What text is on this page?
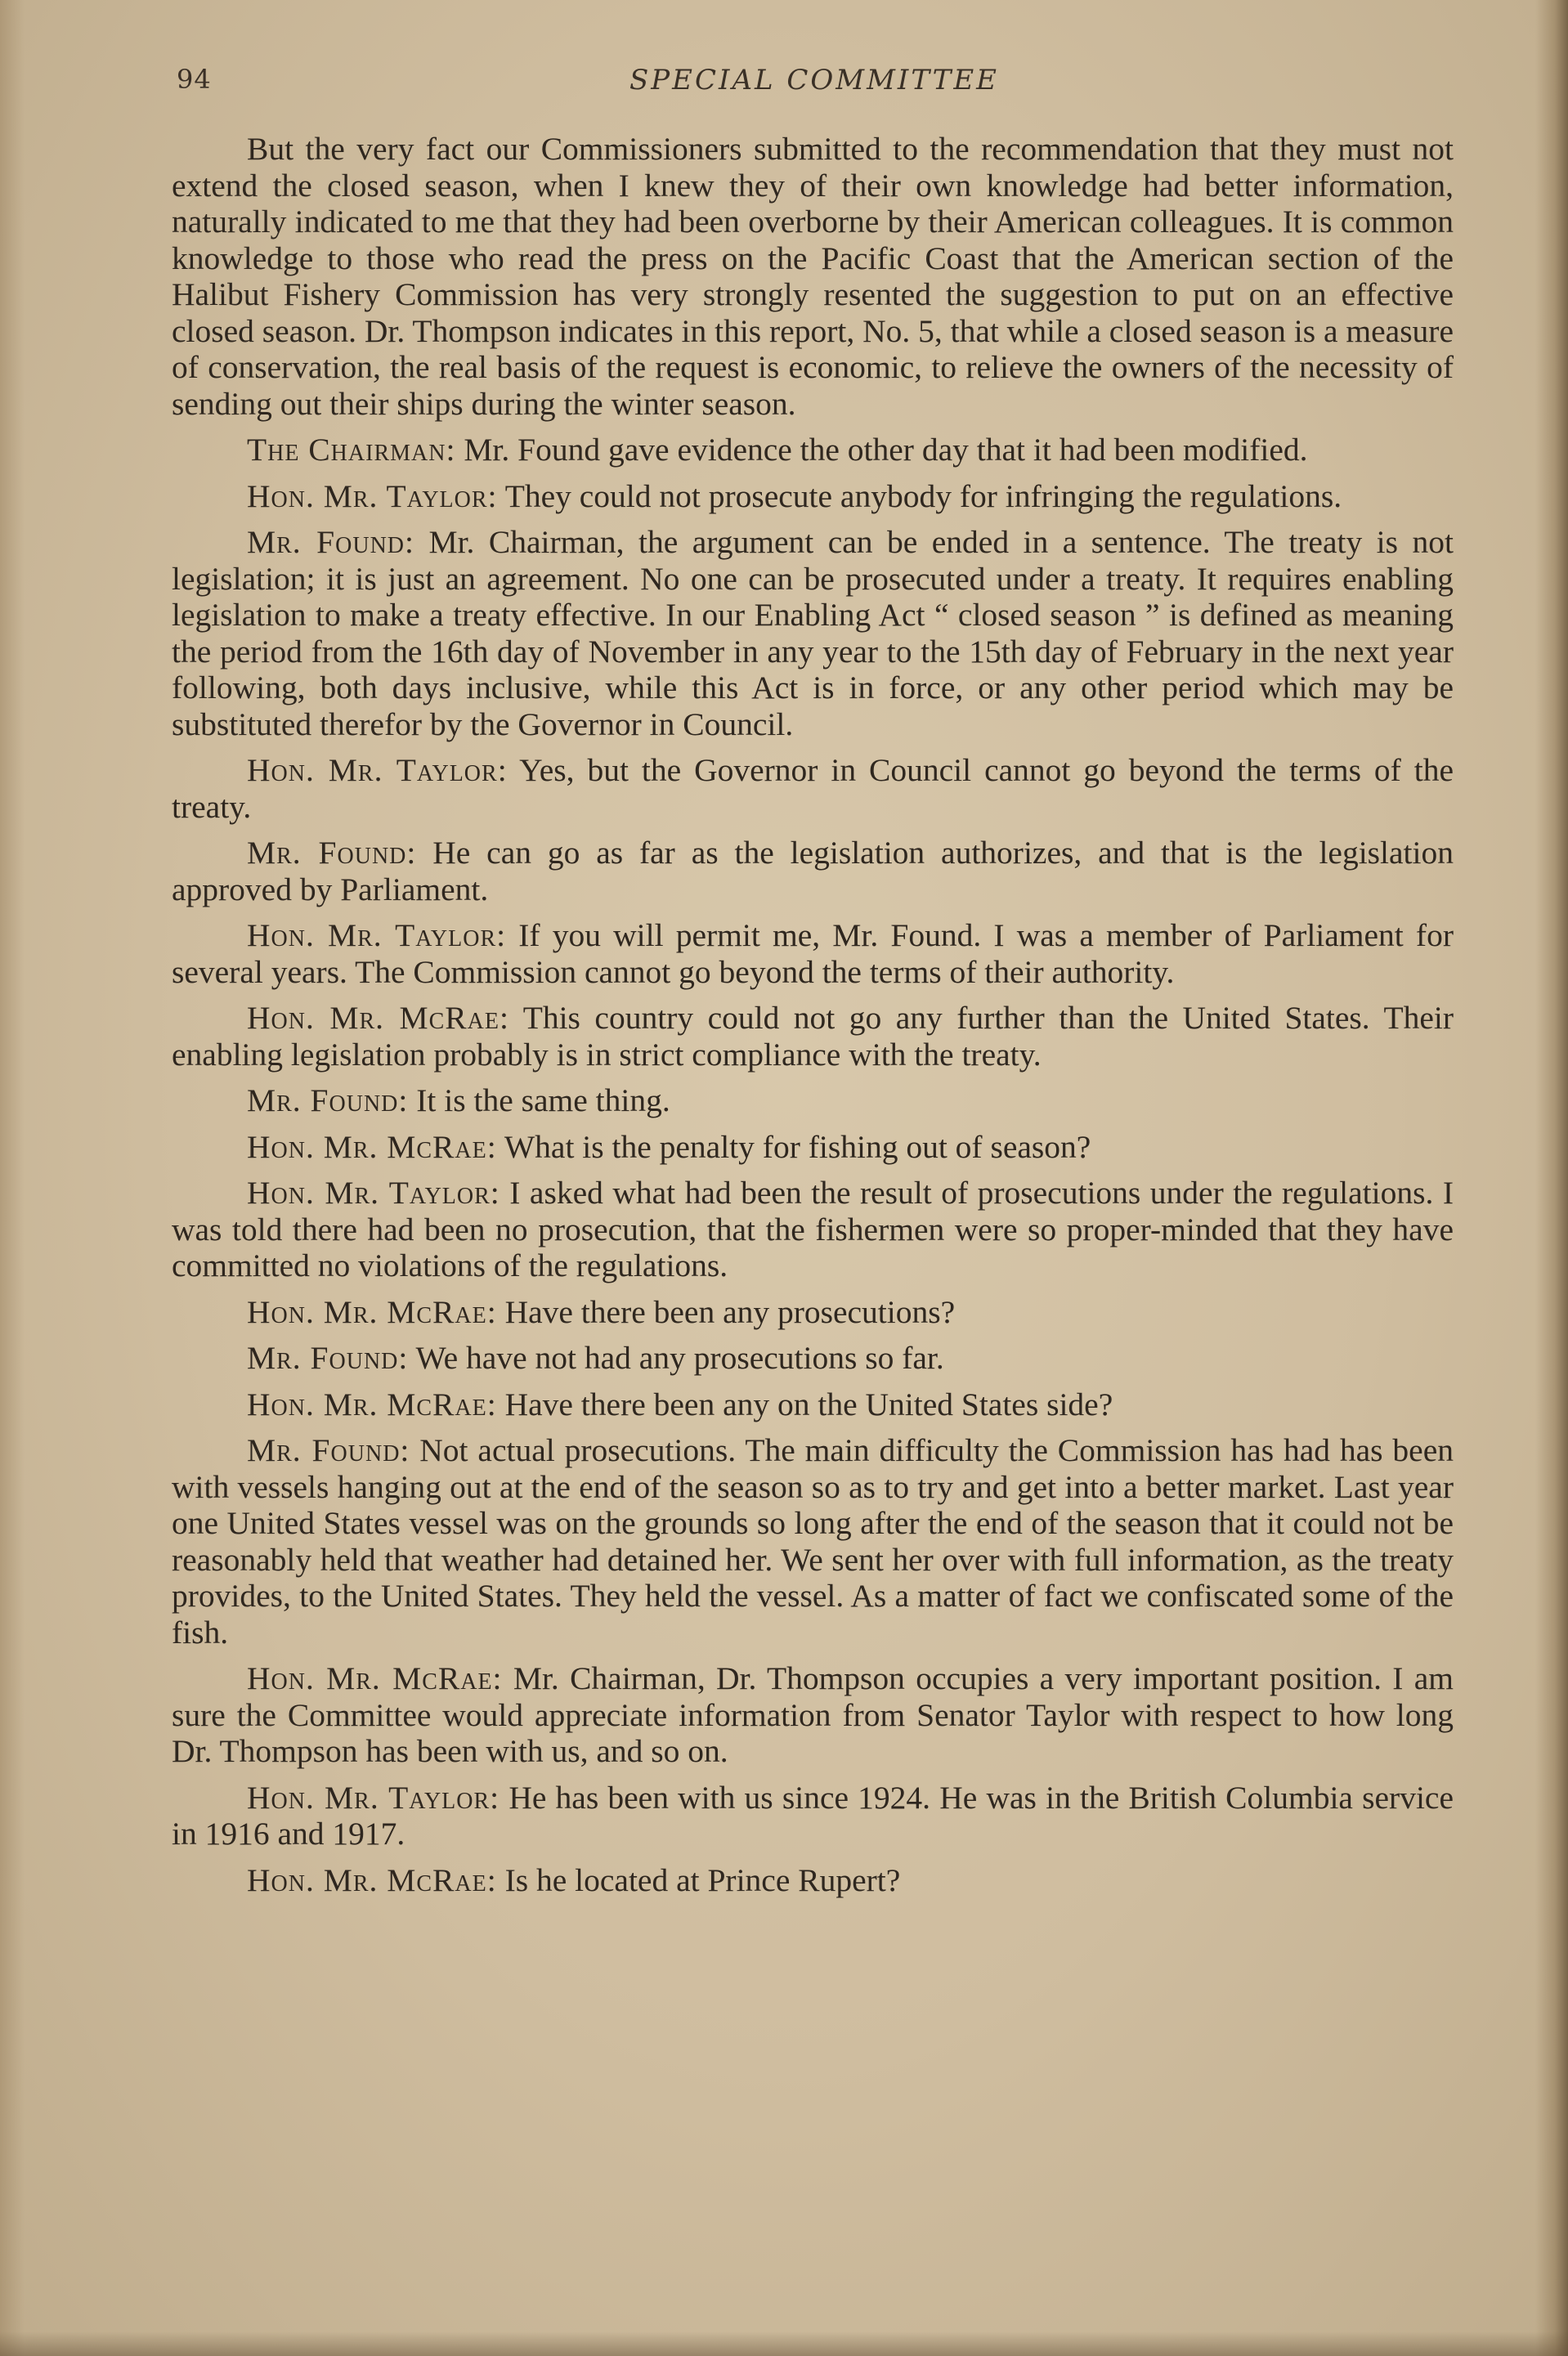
94	SPECIAL COMMITTEE

But the very fact our Commissioners submitted to the recommendation that they must not extend the closed season, when I knew they of their own knowledge had better information, naturally indicated to me that they had been overborne by their American colleagues. It is common knowledge to those who read the press on the Pacific Coast that the American section of the Halibut Fishery Commission has very strongly resented the suggestion to put on an effective closed season. Dr. Thompson indicates in this report, No. 5, that while a closed season is a measure of conservation, the real basis of the request is economic, to relieve the owners of the necessity of sending out their ships during the winter season.

The Chairman: Mr. Found gave evidence the other day that it had been modified.

Hon. Mr. Taylor: They could not prosecute anybody for infringing the regulations.

Mr. Found: Mr. Chairman, the argument can be ended in a sentence. The treaty is not legislation; it is just an agreement. No one can be prosecuted under a treaty. It requires enabling legislation to make a treaty effective. In our Enabling Act “ closed season ” is defined as meaning the period from the 16th day of November in any year to the 15th day of February in the next year following, both days inclusive, while this Act is in force, or any other period which may be substituted therefor by the Governor in Council.

Hon. Mr. Taylor: Yes, but the Governor in Council cannot go beyond the terms of the treaty.

Mr. Found: He can go as far as the legislation authorizes, and that is the legislation approved by Parliament.

Hon. Mr. Taylor: If you will permit me, Mr. Found. I was a member of Parliament for several years. The Commission cannot go beyond the terms of their authority.

Hon. Mr. McRae: This country could not go any further than the United States. Their enabling legislation probably is in strict compliance with the treaty.

Mr. Found: It is the same thing.

Hon. Mr. McRae: What is the penalty for fishing out of season?

Hon. Mr. Taylor: I asked what had been the result of prosecutions under the regulations. I was told there had been no prosecution, that the fishermen were so proper-minded that they have committed no violations of the regulations.

Hon. Mr. McRae: Have there been any prosecutions?

Mr. Found: We have not had any prosecutions so far.

Hon. Mr. McRae: Have there been any on the United States side?

Mr. Found: Not actual prosecutions. The main difficulty the Commission has had has been with vessels hanging out at the end of the season so as to try and get into a better market. Last year one United States vessel was on the grounds so long after the end of the season that it could not be reasonably held that weather had detained her. We sent her over with full information, as the treaty provides, to the United States. They held the vessel. As a matter of fact we confiscated some of the fish.

Hon. Mr. McRae: Mr. Chairman, Dr. Thompson occupies a very important position. I am sure the Committee would appreciate information from Senator Taylor with respect to how long Dr. Thompson has been with us, and so on.

Hon. Mr. Taylor: He has been with us since 1924. He was in the British Columbia service in 1916 and 1917.

Hon. Mr. McRae: Is he located at Prince Rupert?
